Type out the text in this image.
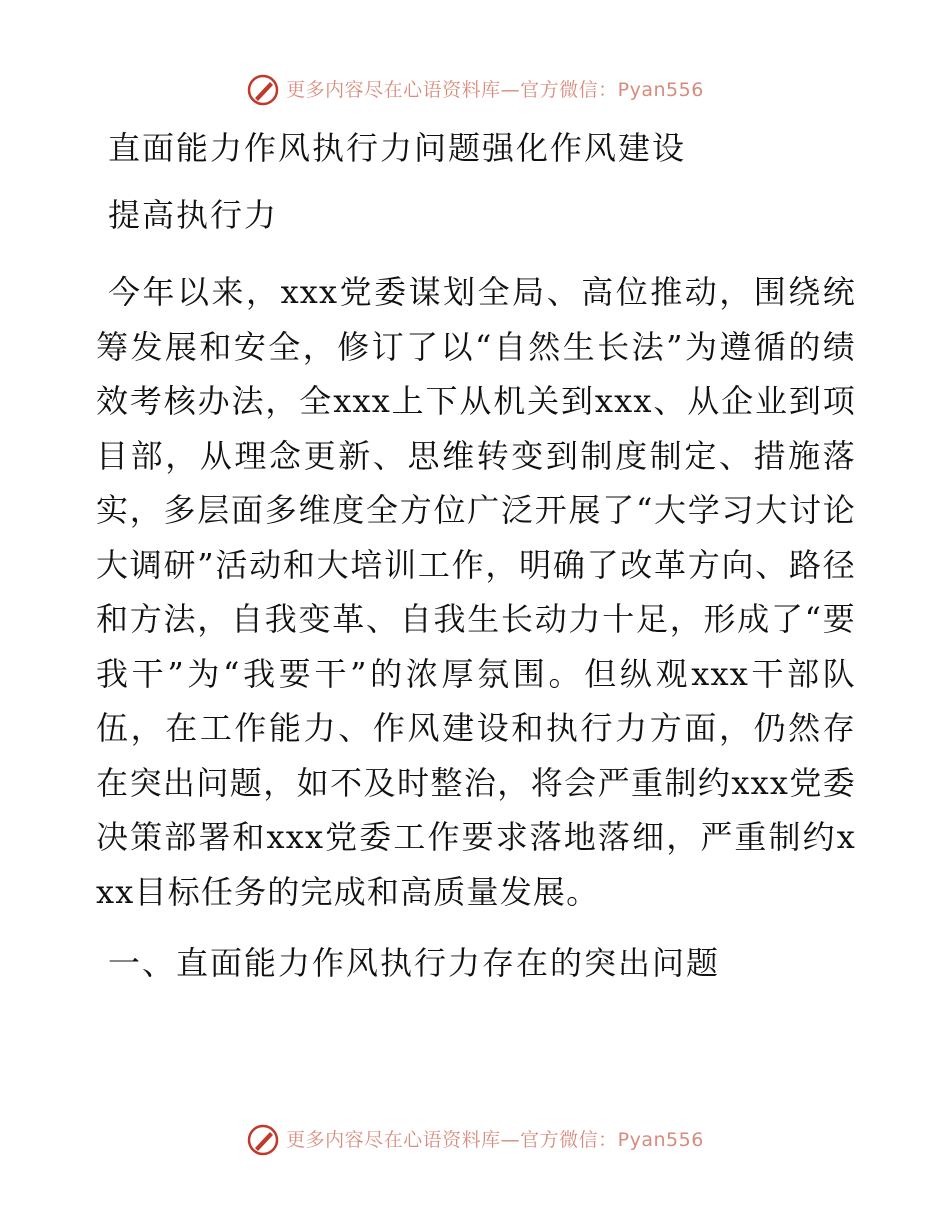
更多内容尽在心语资料库—官方微信：Pyan556

直面能力作风执行力问题强化作风建设

提高执行力

今年以来，xxx党委谋划全局、高位推动，围绕统筹发展和安全，修订了以“自然生长法”为遵循的绩效考核办法，全xxx上下从机关到xxx、从企业到项目部，从理念更新、思维转变到制度制定、措施落实，多层面多维度全方位广泛开展了“大学习大讨论大调研”活动和大培训工作，明确了改革方向、路径和方法，自我变革、自我生长动力十足，形成了“要我干”为“我要干”的浓厚氛围。但纵观xxx干部队伍，在工作能力、作风建设和执行力方面，仍然存在突出问题，如不及时整治，将会严重制约xxx党委决策部署和xxx党委工作要求落地落细，严重制约xxx目标任务的完成和高质量发展。

一、直面能力作风执行力存在的突出问题

更多内容尽在心语资料库—官方微信：Pyan556
